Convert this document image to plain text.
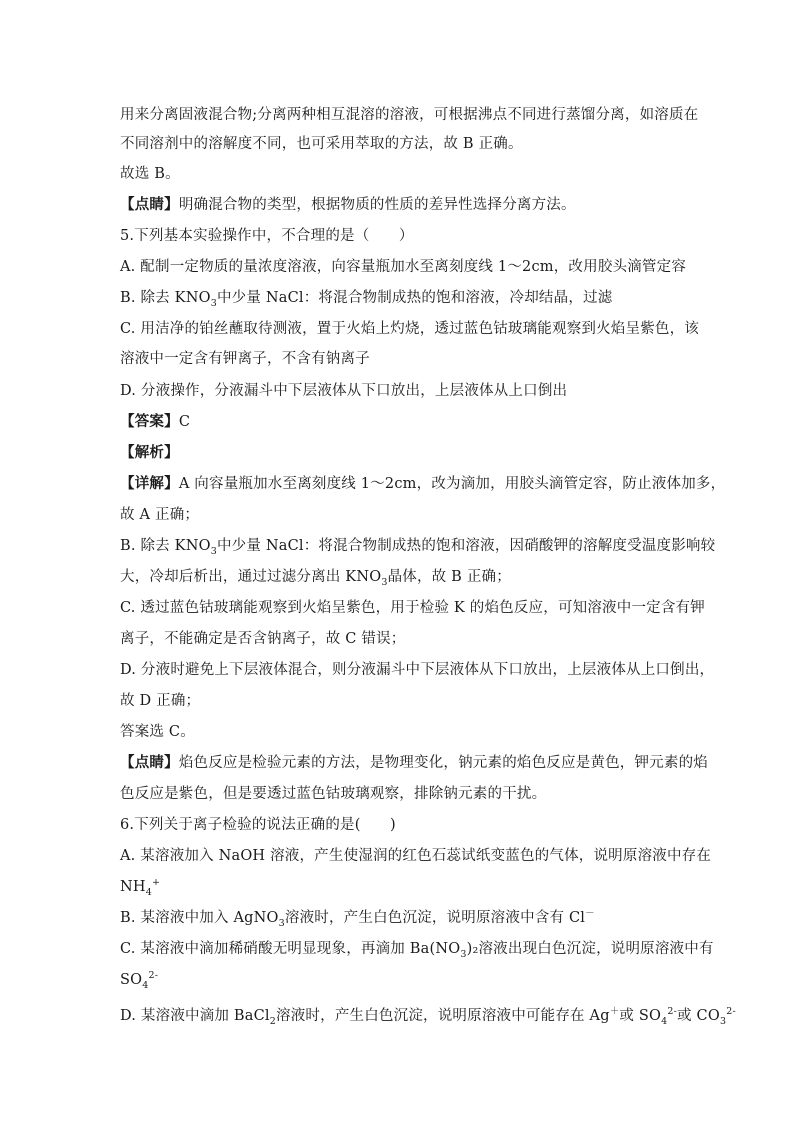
用来分离固液混合物;分离两种相互混溶的溶液，可根据沸点不同进行蒸馏分离，如溶质在
不同溶剂中的溶解度不同，也可采用萃取的方法，故 B 正确。
故选 B。
【点睛】明确混合物的类型，根据物质的性质的差异性选择分离方法。
5.下列基本实验操作中，不合理的是（　　）
A. 配制一定物质的量浓度溶液，向容量瓶加水至离刻度线 1～2cm，改用胶头滴管定容
B. 除去 $KNO_3$中少量 NaCl：将混合物制成热的饱和溶液，冷却结晶，过滤
C. 用洁净的铂丝蘸取待测液，置于火焰上灼烧，透过蓝色钴玻璃能观察到火焰呈紫色，该
溶液中一定含有钾离子，不含有钠离子
D. 分液操作，分液漏斗中下层液体从下口放出，上层液体从上口倒出
【答案】C
【解析】
【详解】A 向容量瓶加水至离刻度线 1～2cm，改为滴加，用胶头滴管定容，防止液体加多，
故 A 正确；
B. 除去 $KNO_3$中少量 NaCl：将混合物制成热的饱和溶液，因硝酸钾的溶解度受温度影响较
大，冷却后析出，通过过滤分离出 $KNO_3$晶体，故 B 正确；
C. 透过蓝色钴玻璃能观察到火焰呈紫色，用于检验 K 的焰色反应，可知溶液中一定含有钾
离子，不能确定是否含钠离子，故 C 错误；
D. 分液时避免上下层液体混合，则分液漏斗中下层液体从下口放出，上层液体从上口倒出，
故 D 正确；
答案选 C。
【点睛】焰色反应是检验元素的方法，是物理变化，钠元素的焰色反应是黄色，钾元素的焰
色反应是紫色，但是要透过蓝色钴玻璃观察，排除钠元素的干扰。
6.下列关于离子检验的说法正确的是(　　)
A. 某溶液加入 NaOH 溶液，产生使湿润的红色石蕊试纸变蓝色的气体，说明原溶液中存在
$NH_4^+$
B. 某溶液中加入 AgNO$_3$溶液时，产生白色沉淀，说明原溶液中含有 Cl－
C. 某溶液中滴加稀硝酸无明显现象，再滴加 $Ba(NO_3)_2$溶液出现白色沉淀，说明原溶液中有
$SO_4^{2-}$
D. 某溶液中滴加 BaCl$_2$溶液时，产生白色沉淀，说明原溶液中可能存在 Ag＋或 $SO_4^{2-}$或 $CO_3^{2-}$
